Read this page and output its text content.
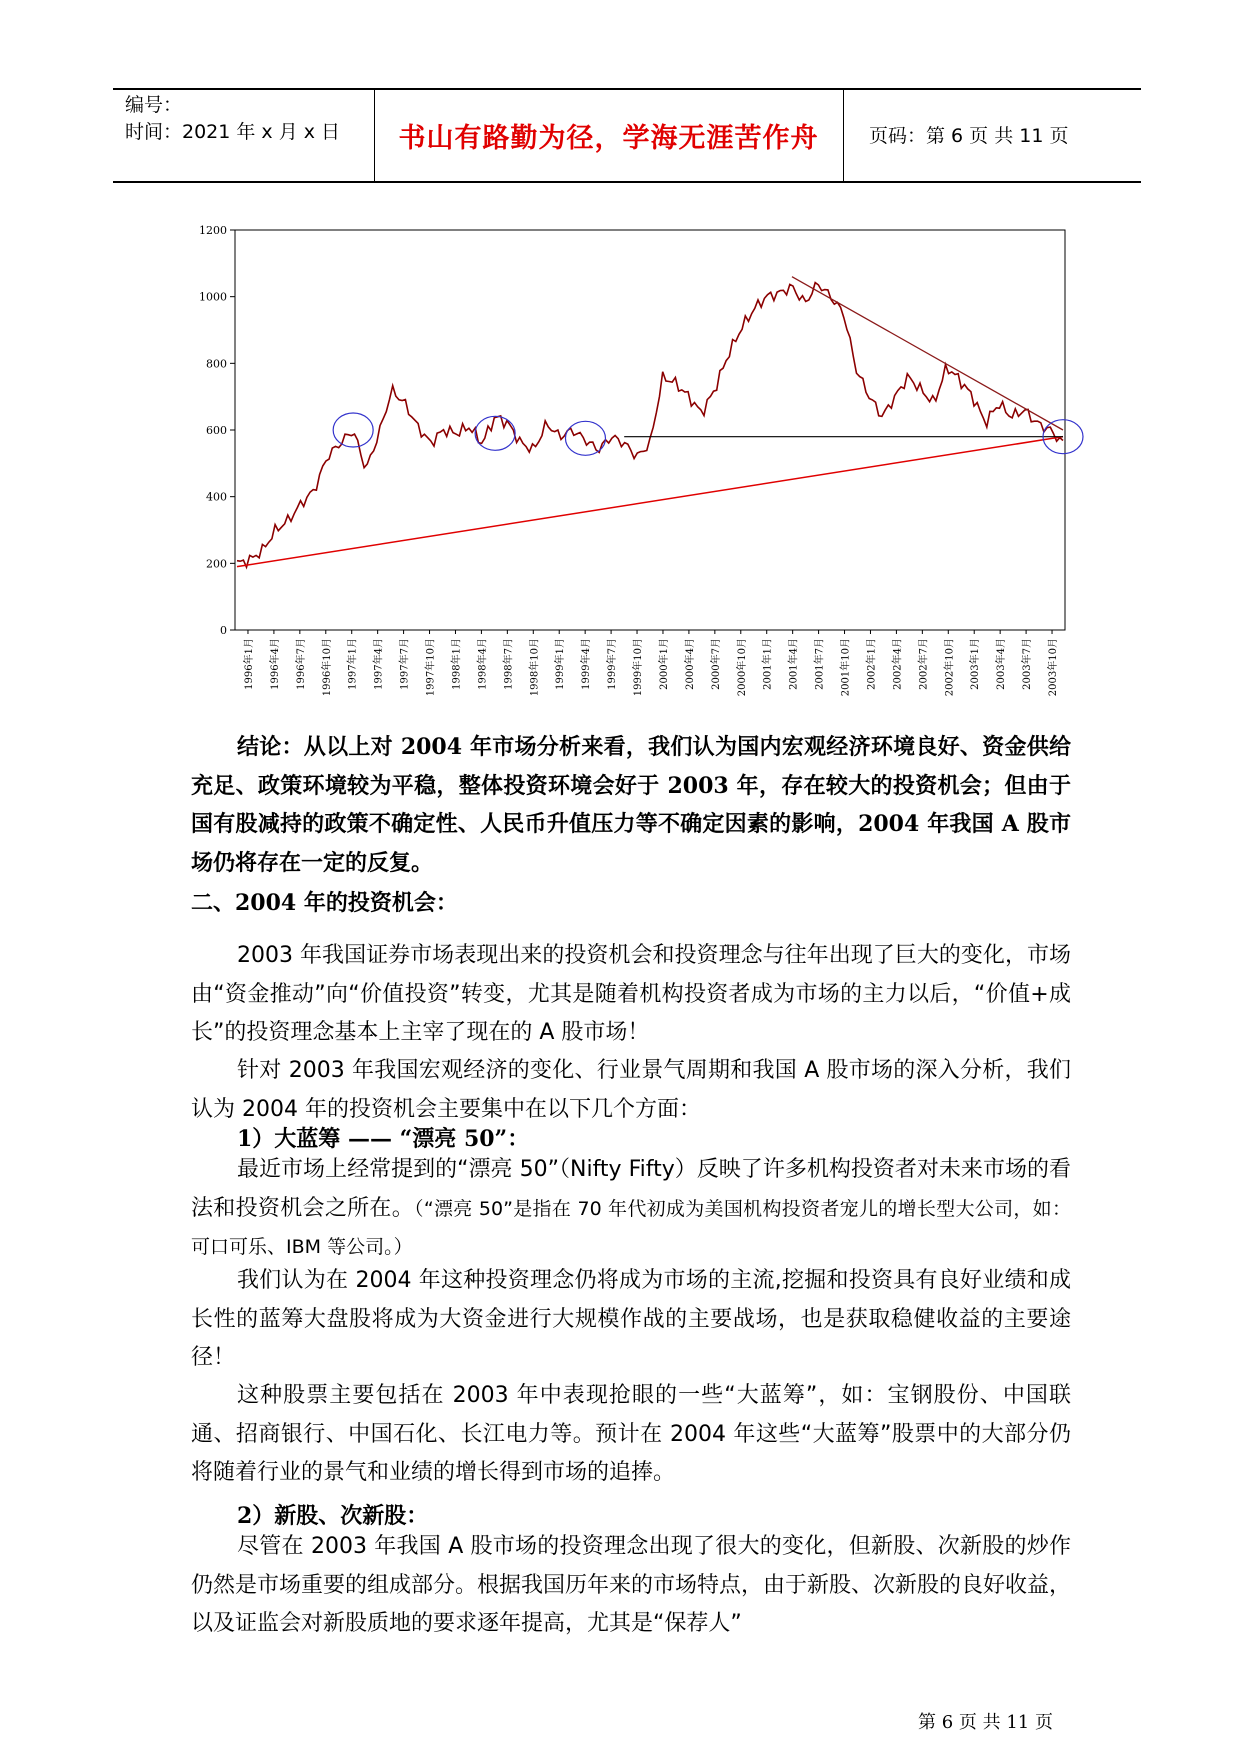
编号：
时间：2021 年 x 月 x 日	书山有路勤为径，学海无涯苦作舟	页码：第 6 页 共 11 页
0
200
400
600
800
1000
1200
1996年1月 1996年4月 1996年7月 1996年10月 1997年1月 1997年4月 1997年7月 1997年10月 1998年1月 1998年4月 1998年7月 1998年10月 1999年1月 1999年4月 1999年7月 1999年10月 2000年1月 2000年4月 2000年7月 2000年10月 2001年1月 2001年4月 2001年7月 2001年10月 2002年1月 2002年4月 2002年7月 2002年10月 2003年1月 2003年4月 2003年7月 2003年10月
结论：从以上对 2004 年市场分析来看，我们认为国内宏观经济环境良好、资金供给充足、政策环境较为平稳，整体投资环境会好于 2003 年，存在较大的投资机会；但由于国有股减持的政策不确定性、人民币升值压力等不确定因素的影响，2004 年我国 A 股市场仍将存在一定的反复。
二、2004 年的投资机会：
2003 年我国证券市场表现出来的投资机会和投资理念与往年出现了巨大的变化，市场由“资金推动”向“价值投资”转变，尤其是随着机构投资者成为市场的主力以后，“价值+成长”的投资理念基本上主宰了现在的 A 股市场！
针对 2003 年我国宏观经济的变化、行业景气周期和我国 A 股市场的深入分析，我们认为 2004 年的投资机会主要集中在以下几个方面：
1）大蓝筹 —— “漂亮 50”：
最近市场上经常提到的“漂亮 50”（Nifty Fifty）反映了许多机构投资者对未来市场的看法和投资机会之所在。（“漂亮 50”是指在 70 年代初成为美国机构投资者宠儿的增长型大公司，如：可口可乐、IBM 等公司。）
我们认为在 2004 年这种投资理念仍将成为市场的主流,挖掘和投资具有良好业绩和成长性的蓝筹大盘股将成为大资金进行大规模作战的主要战场，也是获取稳健收益的主要途径！
这种股票主要包括在 2003 年中表现抢眼的一些“大蓝筹”，如：宝钢股份、中国联通、招商银行、中国石化、长江电力等。预计在 2004 年这些“大蓝筹”股票中的大部分仍将随着行业的景气和业绩的增长得到市场的追捧。
2）新股、次新股：
尽管在 2003 年我国 A 股市场的投资理念出现了很大的变化，但新股、次新股的炒作仍然是市场重要的组成部分。根据我国历年来的市场特点，由于新股、次新股的良好收益，以及证监会对新股质地的要求逐年提高，尤其是“保荐人”
第 6 页 共 11 页
